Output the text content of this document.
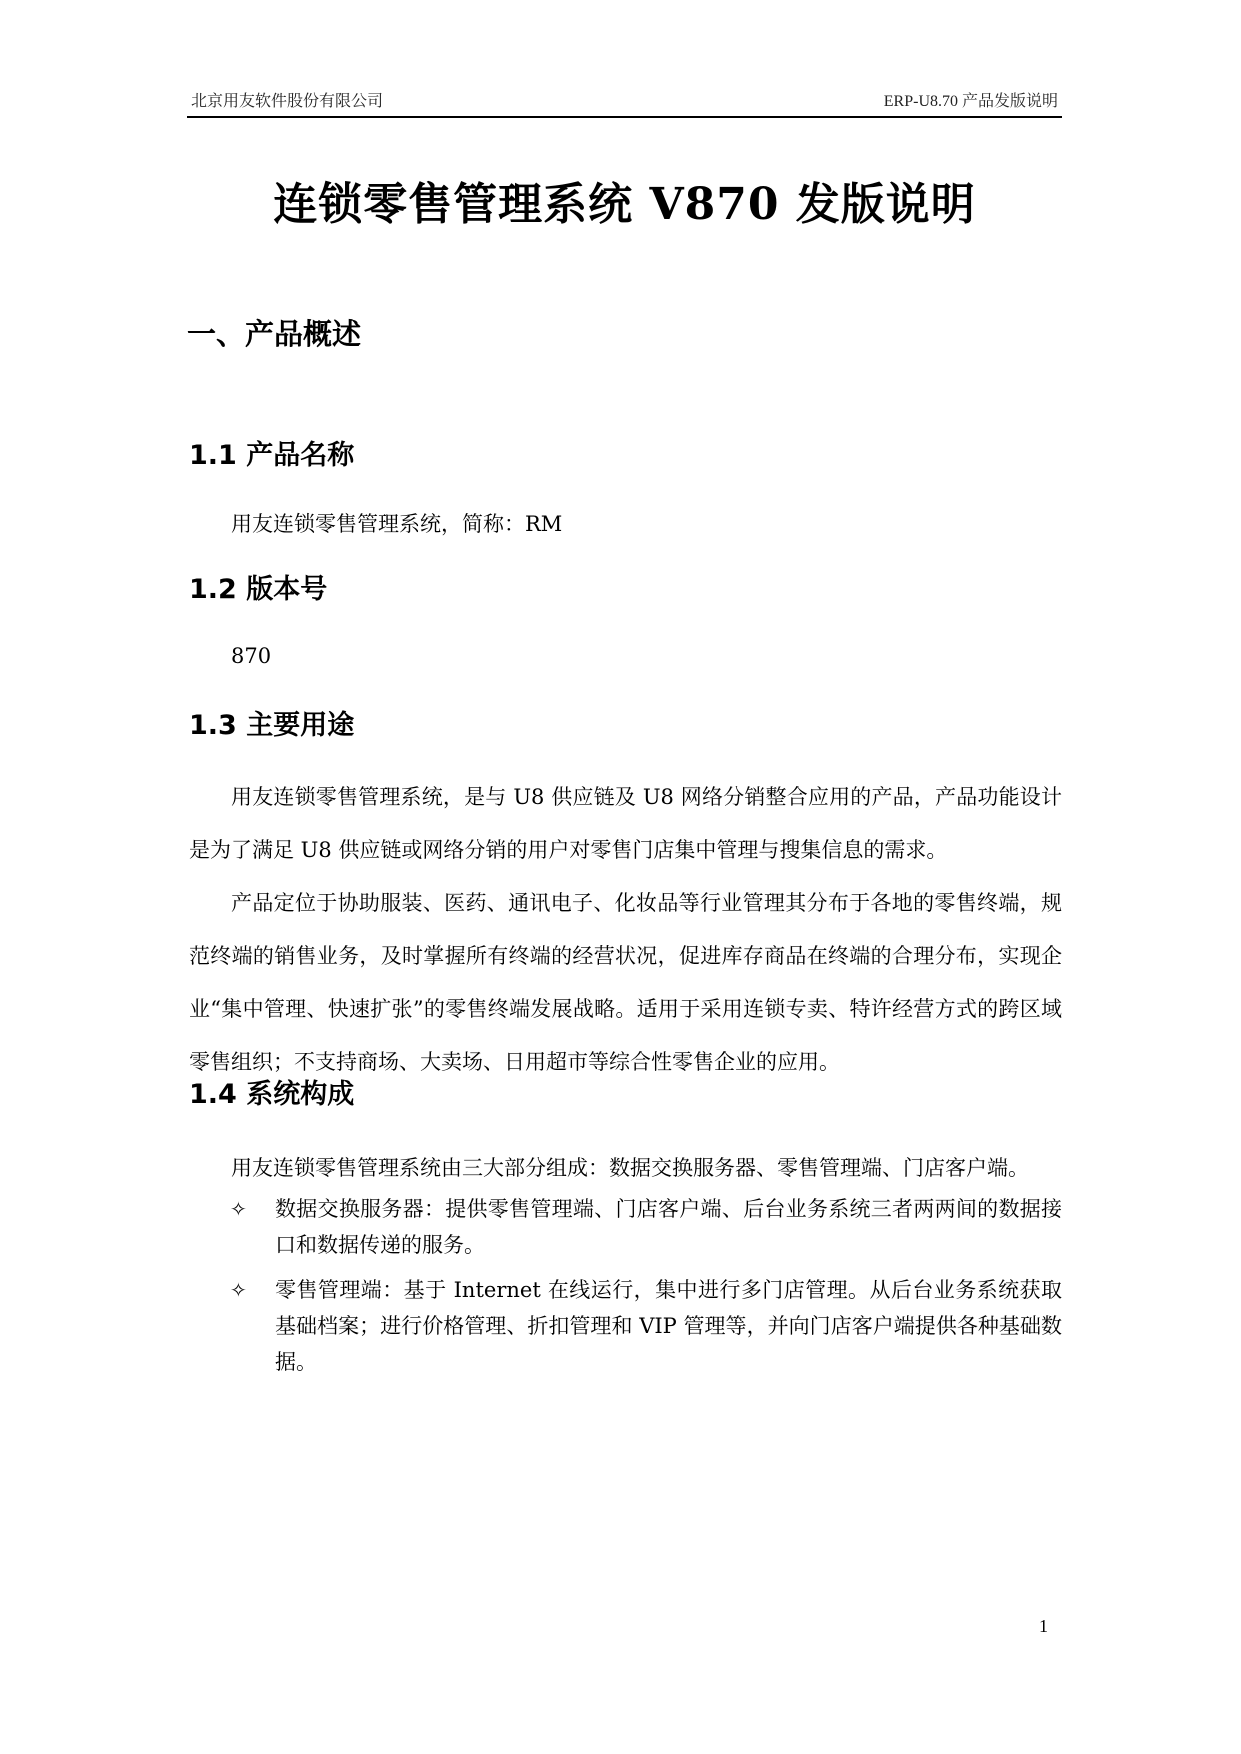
北京用友软件股份有限公司	ERP-U8.70 产品发版说明
连锁零售管理系统 V870 发版说明
一、产品概述
1.1 产品名称
用友连锁零售管理系统，简称：RM
1.2 版本号
870
1.3 主要用途
用友连锁零售管理系统，是与 U8 供应链及 U8 网络分销整合应用的产品，产品功能设计是为了满足 U8 供应链或网络分销的用户对零售门店集中管理与搜集信息的需求。
产品定位于协助服装、医药、通讯电子、化妆品等行业管理其分布于各地的零售终端，规范终端的销售业务，及时掌握所有终端的经营状况，促进库存商品在终端的合理分布，实现企业“集中管理、快速扩张”的零售终端发展战略。适用于采用连锁专卖、特许经营方式的跨区域零售组织；不支持商场、大卖场、日用超市等综合性零售企业的应用。
1.4 系统构成
用友连锁零售管理系统由三大部分组成：数据交换服务器、零售管理端、门店客户端。
✧	数据交换服务器：提供零售管理端、门店客户端、后台业务系统三者两两间的数据接口和数据传递的服务。
✧	零售管理端：基于 Internet 在线运行，集中进行多门店管理。从后台业务系统获取基础档案；进行价格管理、折扣管理和 VIP 管理等，并向门店客户端提供各种基础数据。
1
